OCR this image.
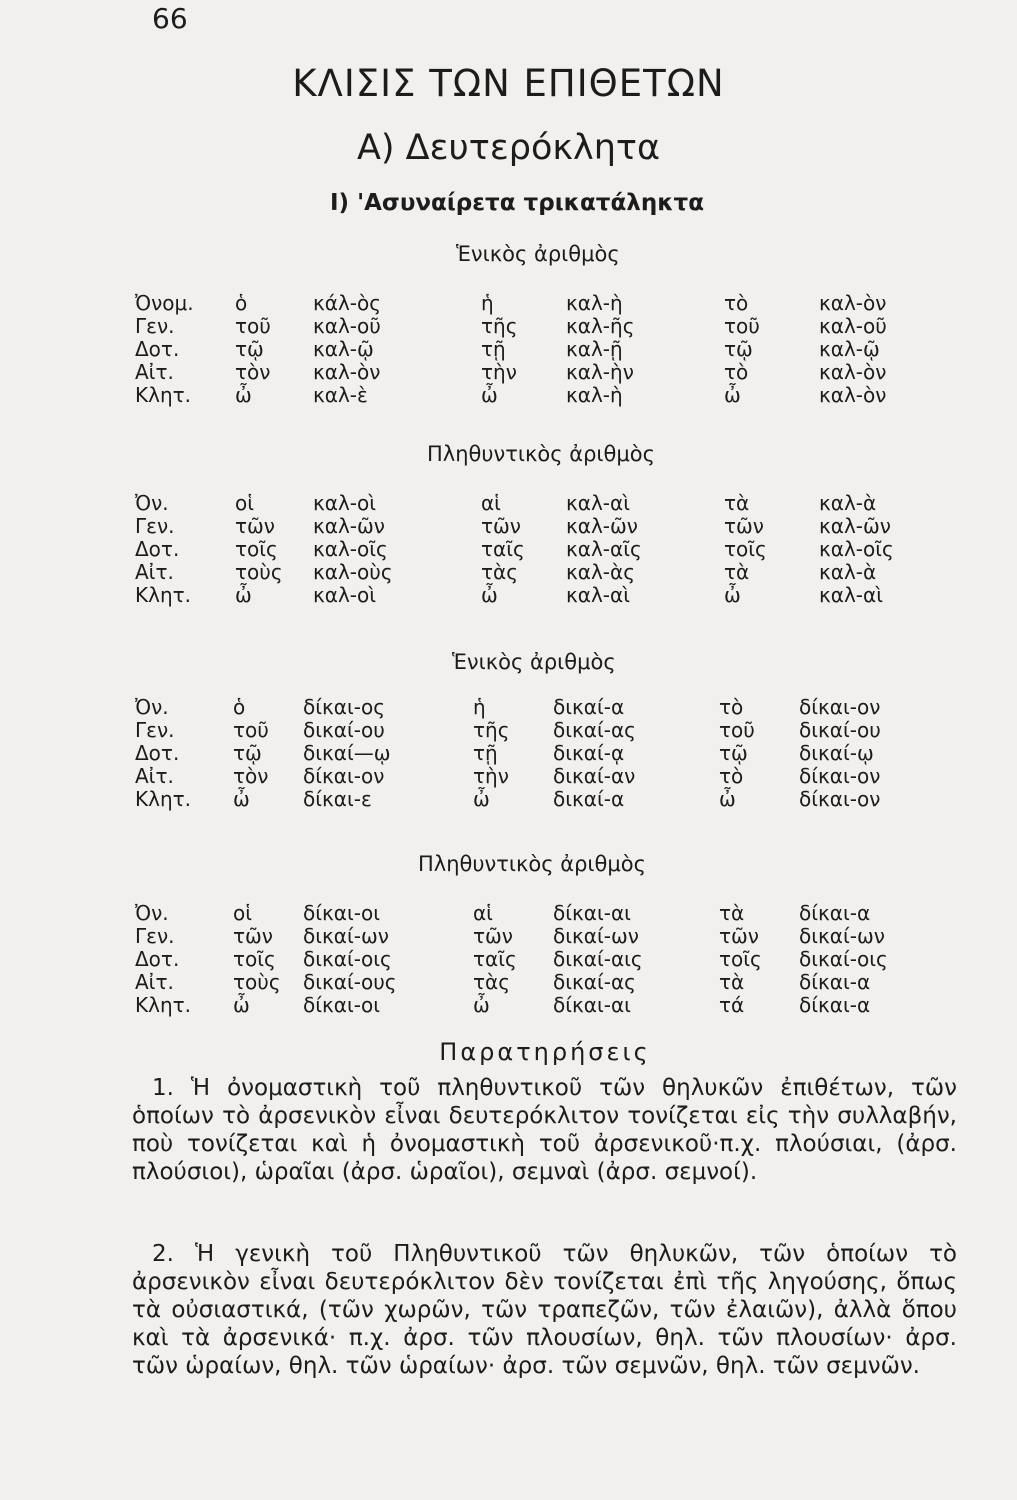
66
ΚΛΙΣΙΣ ΤΩΝ ΕΠΙΘΕΤΩΝ
Α) Δευτερόκλητα
Ι) 'Ασυναίρετα τρικατάληκτα
Ἑνικὸς ἀριθμὸς
Ὀνομ.	ὁ	κάλ-ὸς	ἡ	καλ-ὴ	τὸ	καλ-ὸν
Γεν.	τοῦ	καλ-οῦ	τῆς	καλ-ῆς	τοῦ	καλ-οῦ
Δοτ.	τῷ	καλ-ῷ	τῇ	καλ-ῇ	τῷ	καλ-ῷ
Αἰτ.	τὸν	καλ-ὸν	τὴν	καλ-ὴν	τὸ	καλ-ὸν
Κλητ.	ὦ	καλ-ὲ	ὦ	καλ-ὴ	ὦ	καλ-ὸν
Πληθυντικὸς ἀριθμὸς
Ὀν.	οἱ	καλ-οὶ	αἱ	καλ-αὶ	τὰ	καλ-ὰ
Γεν.	τῶν	καλ-ῶν	τῶν	καλ-ῶν	τῶν	καλ-ῶν
Δοτ.	τοῖς	καλ-οῖς	ταῖς	καλ-αῖς	τοῖς	καλ-οῖς
Αἰτ.	τοὺς	καλ-οὺς	τὰς	καλ-ὰς	τὰ	καλ-ὰ
Κλητ.	ὦ	καλ-οὶ	ὦ	καλ-αὶ	ὦ	καλ-αὶ
Ἑνικὸς ἀριθμὸς
Ὀν.	ὁ	δίκαι-ος	ἡ	δικαί-α	τὸ	δίκαι-ον
Γεν.	τοῦ	δικαί-ου	τῆς	δικαί-ας	τοῦ	δικαί-ου
Δοτ.	τῷ	δικαί—ῳ	τῇ	δικαί-ᾳ	τῷ	δικαί-ῳ
Αἰτ.	τὸν	δίκαι-ον	τὴν	δικαί-αν	τὸ	δίκαι-ον
Κλητ.	ὦ	δίκαι-ε	ὦ	δικαί-α	ὦ	δίκαι-ον
Πληθυντικὸς ἀριθμὸς
Ὀν.	οἱ	δίκαι-οι	αἱ	δίκαι-αι	τὰ	δίκαι-α
Γεν.	τῶν	δικαί-ων	τῶν	δικαί-ων	τῶν	δικαί-ων
Δοτ.	τοῖς	δικαί-οις	ταῖς	δικαί-αις	τοῖς	δικαί-οις
Αἰτ.	τοὺς	δικαί-ους	τὰς	δικαί-ας	τὰ	δίκαι-α
Κλητ.	ὦ	δίκαι-οι	ὦ	δίκαι-αι	τά	δίκαι-α
Παρατηρήσεις

1. Ἡ ὀνομαστικὴ τοῦ πληθυντικοῦ τῶν θηλυκῶν ἐπιθέτων, τῶν ὁποίων τὸ ἀρσενικὸν εἶναι δευτερόκλιτον τονίζεται εἰς τὴν συλλαβήν, ποὺ τονίζεται καὶ ἡ ὀνομαστικὴ τοῦ ἀρσενικοῦ·π.χ. πλούσιαι, (ἀρσ. πλούσιοι), ὡραῖαι (ἀρσ. ὡραῖοι), σεμναὶ (ἀρσ. σεμνοί).

2. Ἡ γενικὴ τοῦ Πληθυντικοῦ τῶν θηλυκῶν, τῶν ὁποίων τὸ ἀρσενικὸν εἶναι δευτερόκλιτον δὲν τονίζεται ἐπὶ τῆς ληγούσης, ὅπως τὰ οὐσιαστικά, (τῶν χωρῶν, τῶν τραπεζῶν, τῶν ἐλαιῶν), ἀλλὰ ὅπου καὶ τὰ ἀρσενικά· π.χ. ἀρσ. τῶν πλουσίων, θηλ. τῶν πλουσίων· ἀρσ. τῶν ὡραίων, θηλ. τῶν ὡραίων· ἀρσ. τῶν σεμνῶν, θηλ. τῶν σεμνῶν.
